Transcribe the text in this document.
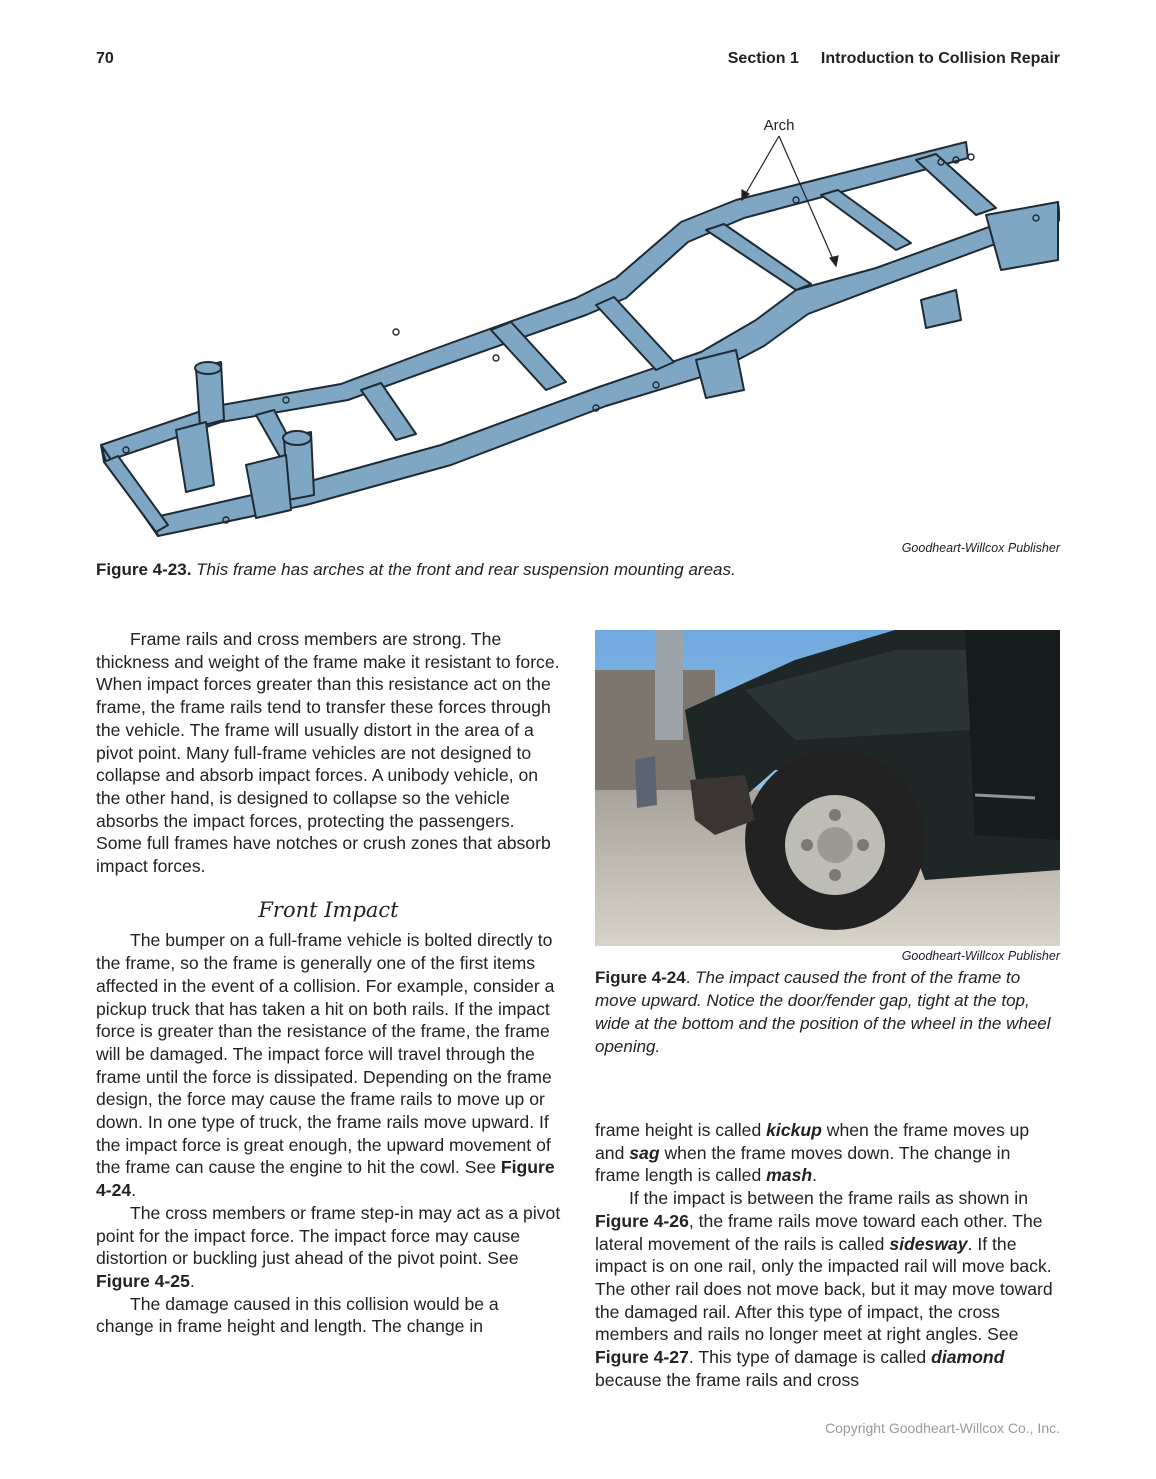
70	Section 1 Introduction to Collision Repair
Arch
Goodheart-Willcox Publisher
Figure 4-23. This frame has arches at the front and rear suspension mounting areas.

Frame rails and cross members are strong. The thickness and weight of the frame make it resistant to force. When impact forces greater than this resistance act on the frame, the frame rails tend to transfer these forces through the vehicle. The frame will usually distort in the area of a pivot point. Many full-frame vehicles are not designed to collapse and absorb impact forces. A unibody vehicle, on the other hand, is designed to collapse so the vehicle absorbs the impact forces, protecting the passengers. Some full frames have notches or crush zones that absorb impact forces.

Front Impact

The bumper on a full-frame vehicle is bolted directly to the frame, so the frame is generally one of the first items affected in the event of a collision. For example, consider a pickup truck that has taken a hit on both rails. If the impact force is greater than the resistance of the frame, the frame will be damaged. The impact force will travel through the frame until the force is dissipated. Depending on the frame design, the force may cause the frame rails to move up or down. In one type of truck, the frame rails move upward. If the impact force is great enough, the upward movement of the frame can cause the engine to hit the cowl. See Figure 4-24.

The cross members or frame step-in may act as a pivot point for the impact force. The impact force may cause distortion or buckling just ahead of the pivot point. See Figure 4-25.

The damage caused in this collision would be a change in frame height and length. The change in

Goodheart-Willcox Publisher
Figure 4-24. The impact caused the front of the frame to move upward. Notice the door/fender gap, tight at the top, wide at the bottom and the position of the wheel in the wheel opening.

frame height is called kickup when the frame moves up and sag when the frame moves down. The change in frame length is called mash.

If the impact is between the frame rails as shown in Figure 4-26, the frame rails move toward each other. The lateral movement of the rails is called sidesway. If the impact is on one rail, only the impacted rail will move back. The other rail does not move back, but it may move toward the damaged rail. After this type of impact, the cross members and rails no longer meet at right angles. See Figure 4-27. This type of damage is called diamond because the frame rails and cross

Copyright Goodheart-Willcox Co., Inc.
